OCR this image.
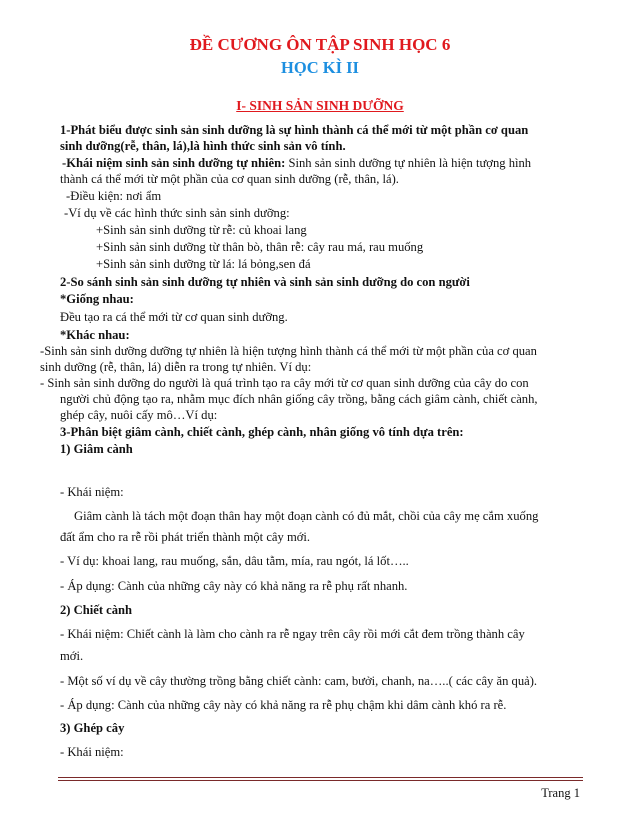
ĐỀ CƯƠNG ÔN TẬP SINH HỌC 6
HỌC KÌ II
I- SINH SẢN SINH DƯỠNG
1-Phát biểu được sinh sản sinh dưỡng là sự hình thành cá thể mới từ một phần cơ quan
sinh dưỡng(rễ, thân, lá),là hình thức sinh sản vô tính.
-Khái niệm sinh sản sinh dưỡng tự nhiên: Sinh sản sinh dưỡng tự nhiên là hiện tượng hình
thành cá thể mới từ một phần của cơ quan sinh dưỡng (rễ, thân, lá).
-Điều kiện: nơi ẩm
-Ví dụ về các hình thức sinh sản sinh dưỡng:
+Sinh sản sinh dưỡng từ rễ: củ khoai lang
+Sinh sản sinh dưỡng từ thân bò, thân rễ: cây rau má, rau muống
+Sinh sản sinh dưỡng từ lá: lá bỏng,sen đá
2-So sánh sinh sản sinh dưỡng tự nhiên và sinh sản sinh dưỡng do con người
*Giống nhau:
Đều tạo ra cá thể mới từ cơ quan sinh dưỡng.
*Khác nhau:
-Sinh sản sinh dưỡng dưỡng tự nhiên là hiện tượng hình thành cá thể mới từ một phần của cơ quan
sinh dưỡng (rễ, thân, lá) diễn ra trong tự nhiên. Ví dụ:
- Sinh sản sinh dưỡng do người là quá trình tạo ra cây mới từ cơ quan sinh dưỡng của cây do con
người chủ động tạo ra, nhằm mục đích nhân giống cây trồng, bằng cách giâm cành, chiết cành,
ghép cây, nuôi cấy mô…Ví dụ:
3-Phân biệt giâm cành, chiết cành, ghép cành, nhân giống vô tính dựa trên:
1) Giâm cành
- Khái niệm:
Giâm cành là tách một đoạn thân hay một đoạn cành có đủ mắt, chồi của cây mẹ cắm xuống
đất ẩm cho ra rễ rồi phát triển thành một cây mới.
- Ví dụ: khoai lang, rau muống, sắn, dâu tằm, mía, rau ngót, lá lốt…..
- Áp dụng: Cành của những cây này có khả năng ra rễ phụ rất nhanh.
2) Chiết cành
- Khái niệm: Chiết cành là làm cho cành ra rễ ngay trên cây rồi mới cắt đem trồng thành cây
mới.
- Một số ví dụ về cây thường trồng bằng chiết cành: cam, bưởi, chanh, na…..( các cây ăn quả).
- Áp dụng: Cành của những cây này có khả năng ra rễ phụ chậm khi dâm cành khó ra rễ.
3) Ghép cây
- Khái niệm:
Trang 1
